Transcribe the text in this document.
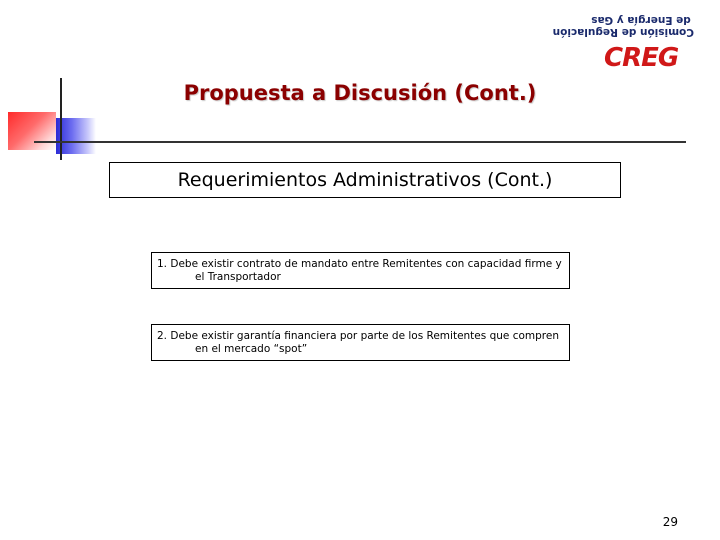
de Energía y Gas
Comisión de Regulación
CREG
Propuesta a Discusión (Cont.)
Requerimientos Administrativos (Cont.)
1. Debe existir contrato de mandato entre Remitentes con capacidad firme y
el Transportador
2. Debe existir garantía financiera por parte de los Remitentes que compren
en el mercado “spot”
29
